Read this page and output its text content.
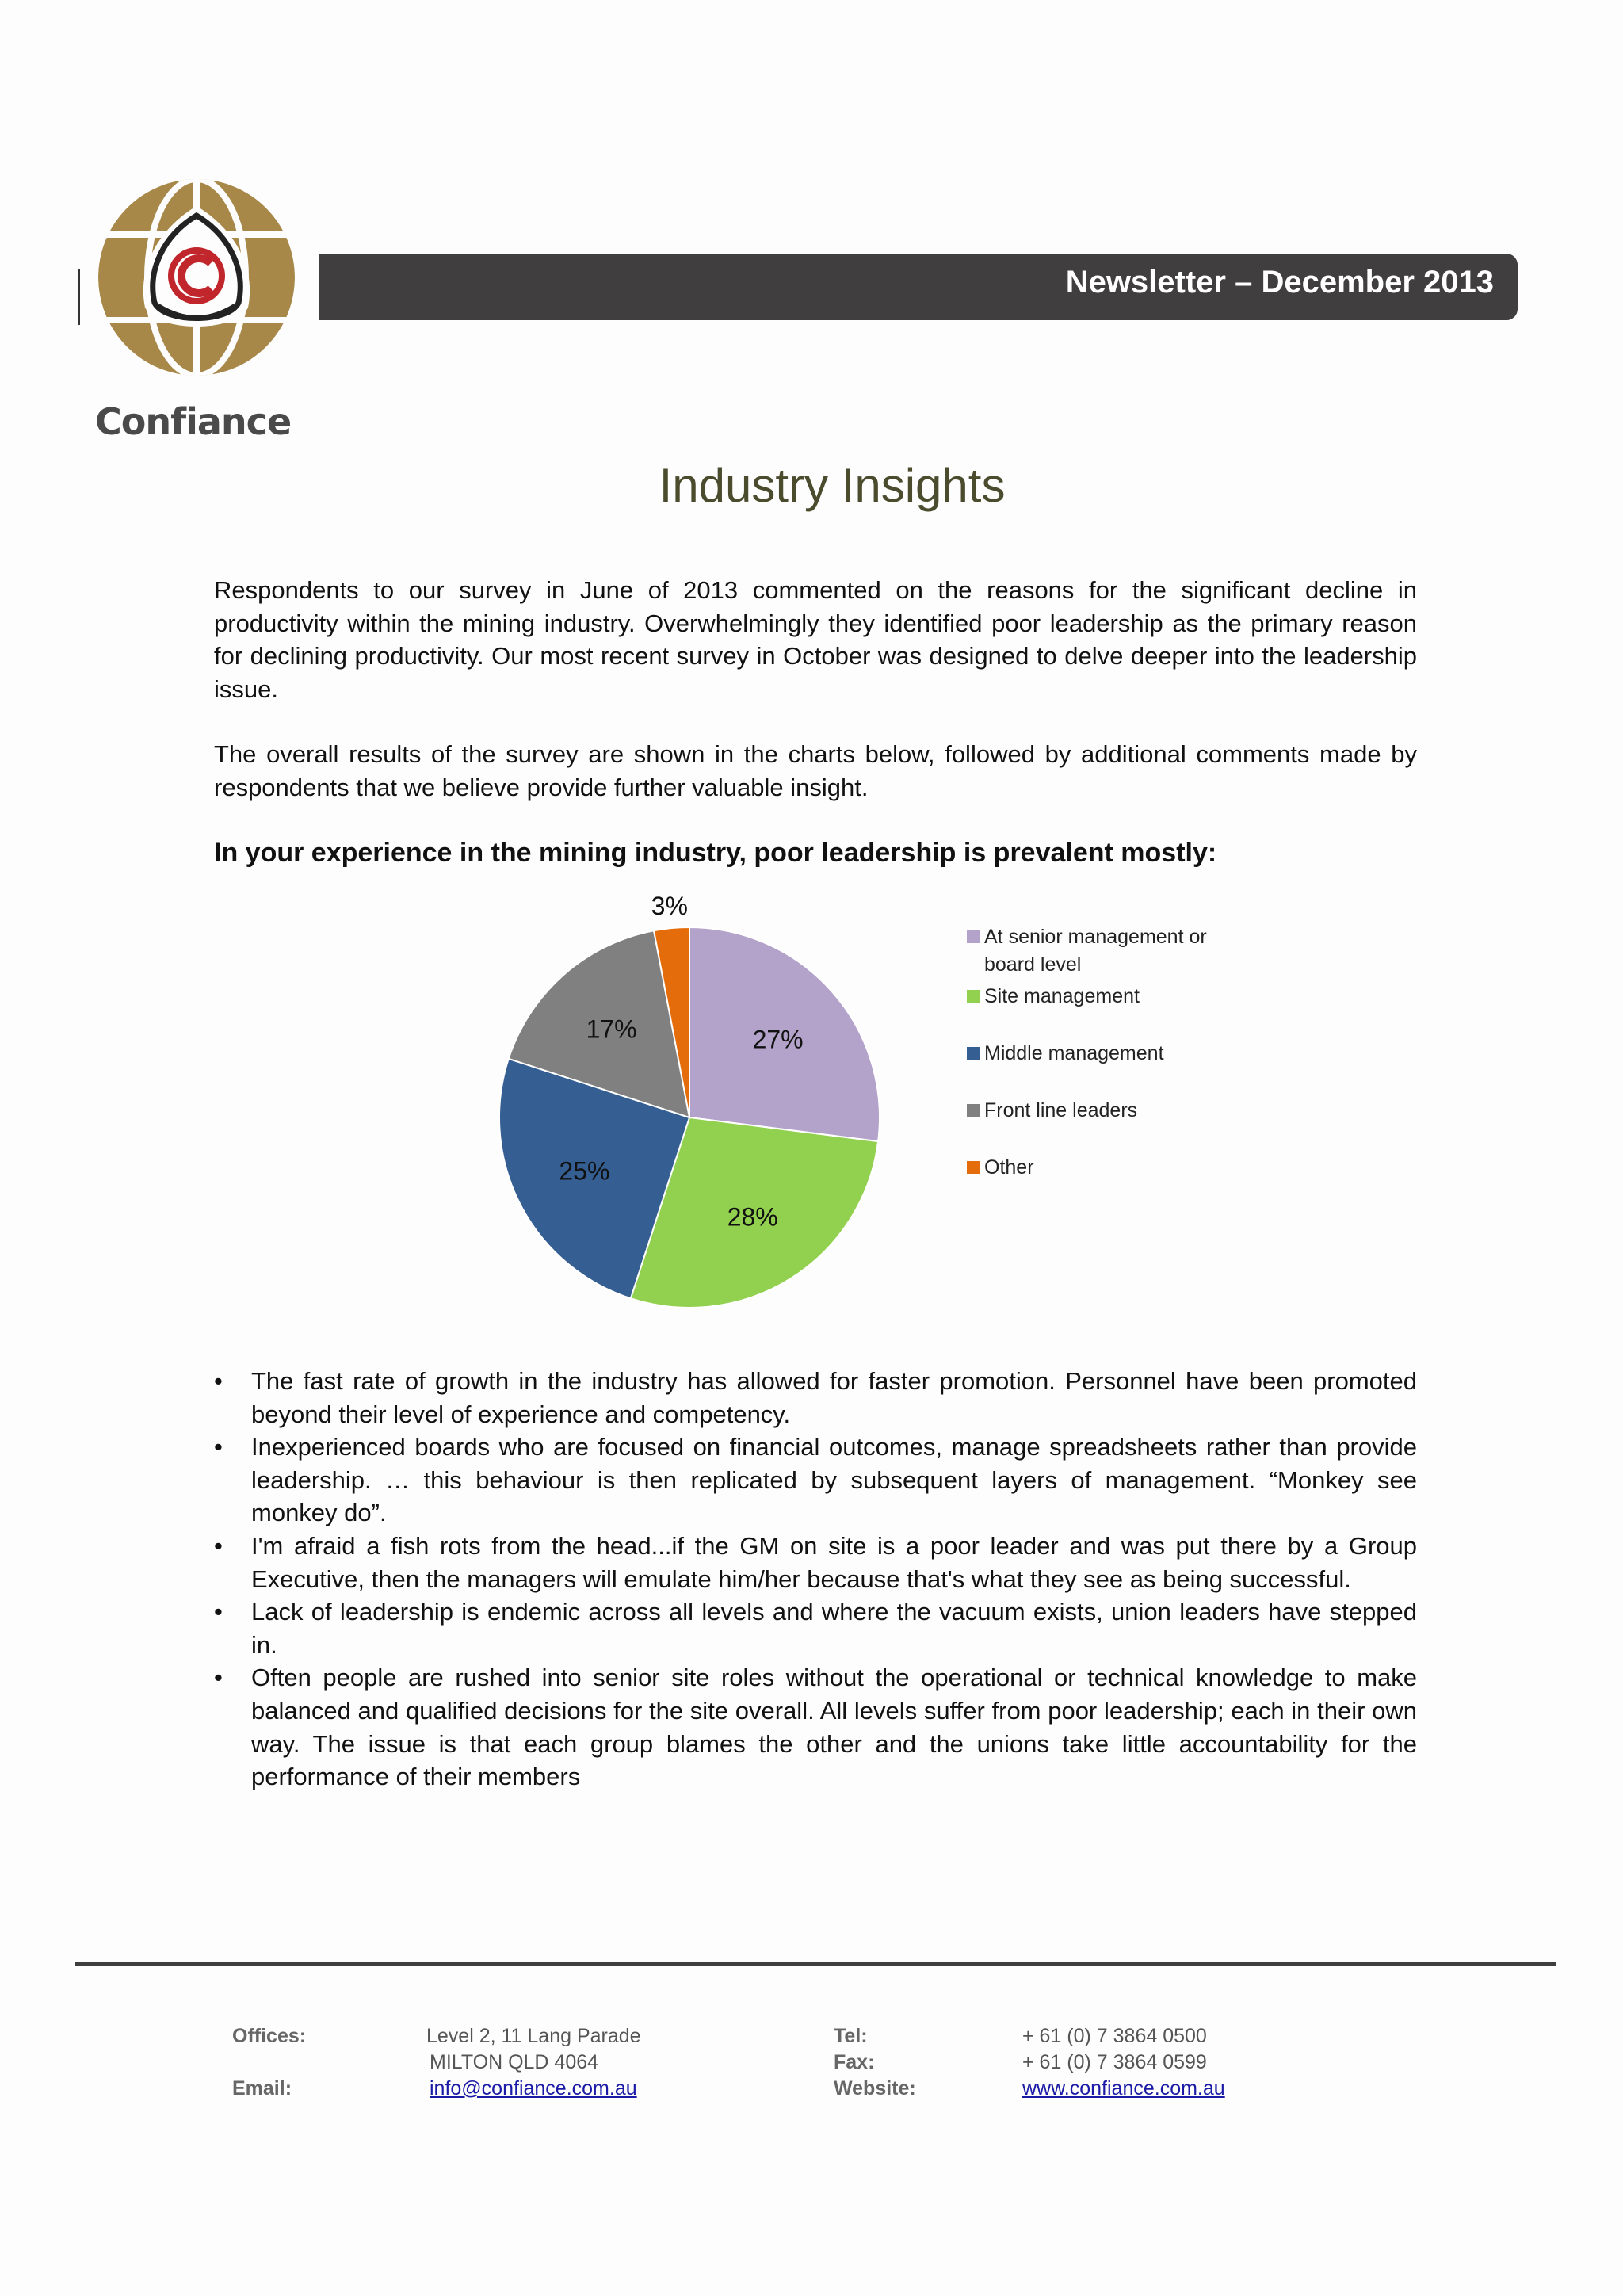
Confiance
Newsletter – December 2013
Industry Insights

Respondents to our survey in June of 2013 commented on the reasons for the significant decline in productivity within the mining industry. Overwhelmingly they identified poor leadership as the primary reason for declining productivity. Our most recent survey in October was designed to delve deeper into the leadership issue.

The overall results of the survey are shown in the charts below, followed by additional comments made by respondents that we believe provide further valuable insight.

In your experience in the mining industry, poor leadership is prevalent mostly:

27%
28%
25%
17%
3%
At senior management or board level
Site management
Middle management
Front line leaders
Other
• The fast rate of growth in the industry has allowed for faster promotion. Personnel have been promoted beyond their level of experience and competency.
• Inexperienced boards who are focused on financial outcomes, manage spreadsheets rather than provide leadership. … this behaviour is then replicated by subsequent layers of management. “Monkey see monkey do”.
• I'm afraid a fish rots from the head...if the GM on site is a poor leader and was put there by a Group Executive, then the managers will emulate him/her because that's what they see as being successful.
• Lack of leadership is endemic across all levels and where the vacuum exists, union leaders have stepped in.
• Often people are rushed into senior site roles without the operational or technical knowledge to make balanced and qualified decisions for the site overall. All levels suffer from poor leadership; each in their own way. The issue is that each group blames the other and the unions take little accountability for the performance of their members
Offices:	Level 2, 11 Lang Parade
MILTON QLD 4064
Email:	info@confiance.com.au
Tel:	+ 61 (0) 7 3864 0500
Fax:	+ 61 (0) 7 3864 0599
Website:	www.confiance.com.au
